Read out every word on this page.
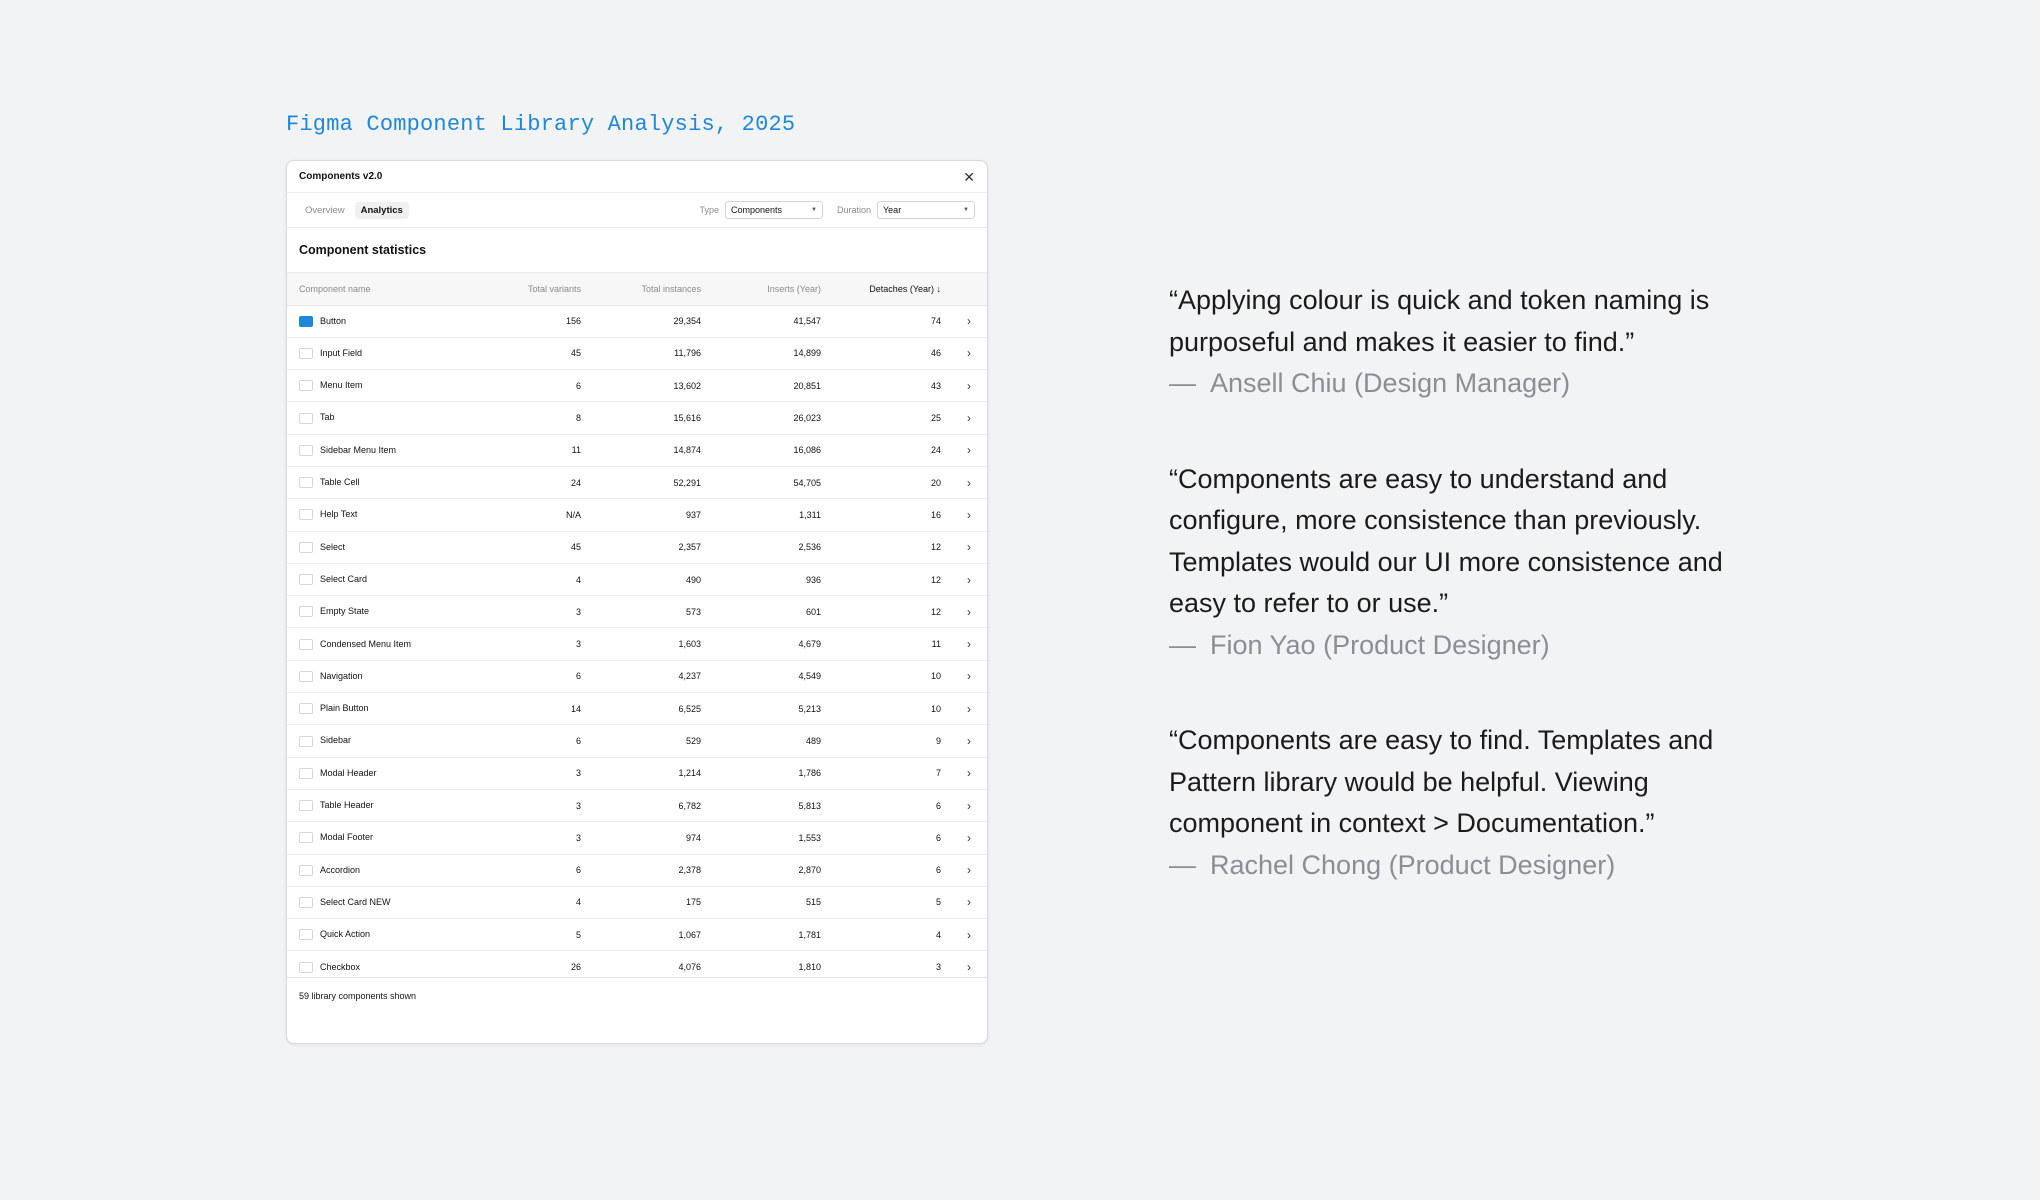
Figma Component Library Analysis, 2025
Components v2.0	✕
Overview	Analytics	Type Components	▼ Duration Year	▼
Component statistics
Component name	Total variants	Total instances	Inserts (Year)	Detaches (Year) ↓	
Button	156	29,354	41,547	74	›
Input Field	45	11,796	14,899	46	›
Menu Item	6	13,602	20,851	43	›
Tab	8	15,616	26,023	25	›
Sidebar Menu Item	11	14,874	16,086	24	›
Table Cell	24	52,291	54,705	20	›
Help Text	N/A	937	1,311	16	›
Select	45	2,357	2,536	12	›
Select Card	4	490	936	12	›
Empty State	3	573	601	12	›
Condensed Menu Item	3	1,603	4,679	11	›
Navigation	6	4,237	4,549	10	›
Plain Button	14	6,525	5,213	10	›
Sidebar	6	529	489	9	›
Modal Header	3	1,214	1,786	7	›
Table Header	3	6,782	5,813	6	›
Modal Footer	3	974	1,553	6	›
Accordion	6	2,378	2,870	6	›
Select Card NEW	4	175	515	5	›
Quick Action	5	1,067	1,781	4	›
Checkbox	26	4,076	1,810	3	›

59 library components shown
“Applying colour is quick and token naming is purposeful and makes it easier to find.”
— Ansell Chiu (Design Manager)
“Components are easy to understand and configure, more consistence than previously. Templates would our UI more consistence and easy to refer to or use.”
— Fion Yao (Product Designer)
“Components are easy to find. Templates and Pattern library would be helpful. Viewing component in context > Documentation.”
— Rachel Chong (Product Designer)
